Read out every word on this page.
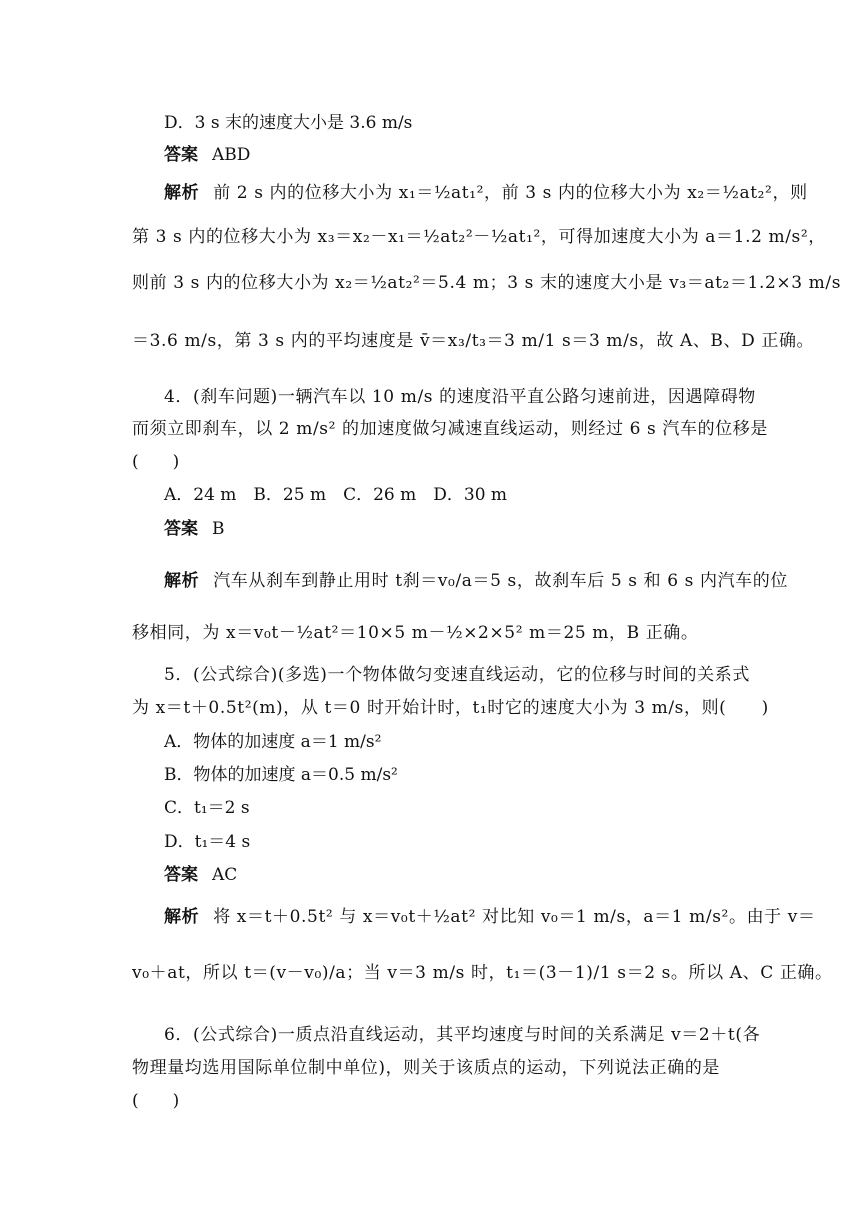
D．3 s 末的速度大小是 3.6 m/s
答案 ABD
解析 前 2 s 内的位移大小为 x₁＝½at₁²，前 3 s 内的位移大小为 x₂＝½at₂²，则
第 3 s 内的位移大小为 x₃＝x₂－x₁＝½at₂²－½at₁²，可得加速度大小为 a＝1.2 m/s²，
则前 3 s 内的位移大小为 x₂＝½at₂²＝5.4 m；3 s 末的速度大小是 v₃＝at₂＝1.2×3 m/s
＝3.6 m/s，第 3 s 内的平均速度是 v̄＝x₃/t₃＝3 m/1 s＝3 m/s，故 A、B、D 正确。
4．(刹车问题)一辆汽车以 10 m/s 的速度沿平直公路匀速前进，因遇障碍物
而须立即刹车，以 2 m/s² 的加速度做匀减速直线运动，则经过 6 s 汽车的位移是
(　　)
A．24 m　B．25 m　C．26 m　D．30 m
答案 B
解析 汽车从刹车到静止用时 t刹＝v₀/a＝5 s，故刹车后 5 s 和 6 s 内汽车的位
移相同，为 x＝v₀t－½at²＝10×5 m－½×2×5² m＝25 m，B 正确。
5．(公式综合)(多选)一个物体做匀变速直线运动，它的位移与时间的关系式
为 x＝t＋0.5t²(m)，从 t＝0 时开始计时，t₁时它的速度大小为 3 m/s，则(　　)
A．物体的加速度 a＝1 m/s²
B．物体的加速度 a＝0.5 m/s²
C．t₁＝2 s
D．t₁＝4 s
答案 AC
解析 将 x＝t＋0.5t² 与 x＝v₀t＋½at² 对比知 v₀＝1 m/s，a＝1 m/s²。由于 v＝
v₀＋at，所以 t＝(v－v₀)/a；当 v＝3 m/s 时，t₁＝(3－1)/1 s＝2 s。所以 A、C 正确。
6．(公式综合)一质点沿直线运动，其平均速度与时间的关系满足 v＝2＋t(各
物理量均选用国际单位制中单位)，则关于该质点的运动，下列说法正确的是
(　　)
